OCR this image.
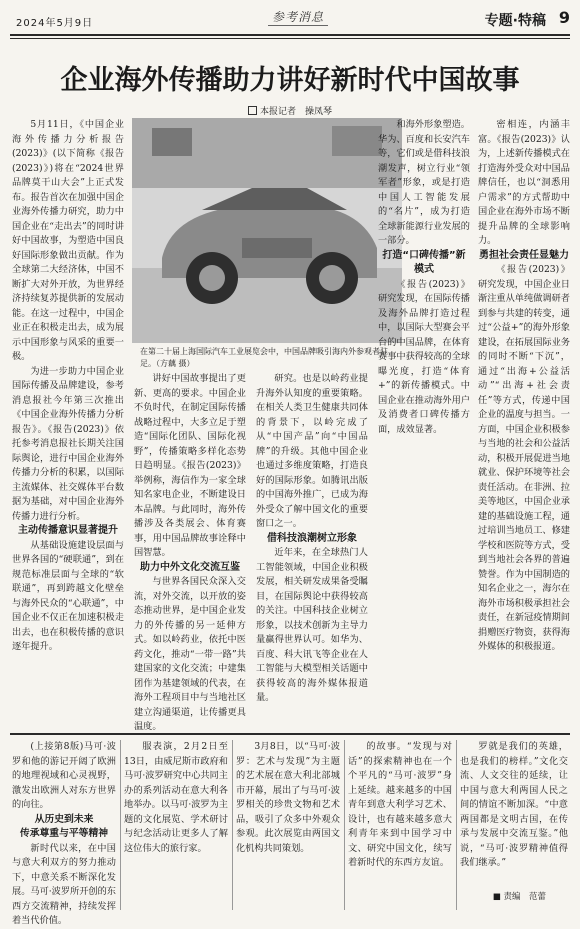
2024年5月9日	参考消息	专题·特稿 9
企业海外传播助力讲好新时代中国故事
本报记者　操凤琴

5月11日，《中国企业海外传播力分析报告(2023)》(以下简称《报告(2023)》)将在“2024世界品牌莫干山大会”上正式发布。报告首次在加强中国企业海外传播力研究，助力中国企业在“走出去”的同时讲好中国故事，为塑造中国良好国际形象做出贡献。作为全球第二大经济体，中国不断扩大对外开放，为世界经济持续复苏提供新的发展动能。在这一过程中，中国企业正在积极走出去，成为展示中国形象与风采的重要一极。

为进一步助力中国企业国际传播及品牌建设，参考消息报社今年第三次推出《中国企业海外传播力分析报告》。《报告(2023)》依托参考消息报社长期关注国际舆论，进行中国企业海外传播力分析的积累，以国际主流媒体、社交媒体平台数据为基础，对中国企业海外传播力进行分析。

主动传播意识显著提升

从基础设施建设层面与世界各国的“硬联通”，到在规范标准层面与全球的“软联通”，再到跨越文化壁垒与海外民众的“心联通”，中国企业不仅正在加速积极走出去，也在积极传播的意识逐年提升。

在第二十届上海国际汽车工业展览会中，中国品牌吸引海内外参观者驻足。（方藕 摄）

讲好中国故事提出了更新、更高的要求。中国企业不负时代，在制定国际传播战略过程中，大多立足于塑造“国际化团队、国际化视野”，传播策略多样化态势日趋明显。《报告(2023)》举例称，海信作为一家全球知名家电企业，不断建设日本品牌。与此同时，海外传播涉及各类展会、体育赛事，用中国品牌故事诠释中国智慧。

助力中外文化交流互鉴

与世界各国民众深入交流，对外交流，以开放的姿态推动世界，是中国企业发力的外传播的另一延伸方式。如以岭药业，依托中医药文化，推动“一带一路”共建国家的文化交流；中建集团作为基建领域的代表，在海外工程项目中与当地社区建立沟通渠道，让传播更具温度。

研究。也是以岭药业提升海外认知度的重要策略。在相关人类卫生健康共同体的背景下，以岭完成了从“中国产品”向“中国品牌”的升级。其他中国企业也通过多维度策略，打造良好的国际形象。如腾讯出版的中国海外推广，已成为海外受众了解中国文化的重要窗口之一。

借科技浪潮树立形象

近年来，在全球热门人工智能领域，中国企业积极发展，相关研发成果备受瞩目，在国际舆论中获得较高的关注。中国科技企业树立形象，以技术创新为主导力量赢得世界认可。如华为、百度、科大讯飞等企业在人工智能与大模型相关话题中获得较高的海外媒体报道量。

和海外形象塑造。华为、百度和长安汽车等，它们或是借科技浪潮发声，树立行业“领军者”形象，或是打造中国人工智能发展的“名片”，成为打造全球新能源行业发展的一部分。

打造“口碑传播”新模式

《报告(2023)》研究发现，在国际传播及海外品牌打造过程中，以国际大型赛会平台的中国品牌，在体育赛事中获得较高的全球曝光度，打造“体育+”的新传播模式。中国企业在推动海外用户及消费者口碑传播方面，成效显著。

密相连，内涵丰富。《报告(2023)》认为，上述新传播模式在打造海外受众对中国品牌信任，也以“洞悉用户需求”的方式帮助中国企业在海外市场不断提升品牌的全球影响力。

勇担社会责任显魅力

《报告(2023)》研究发现，中国企业日渐注重从单纯做调研者到参与共建的转变，通过“公益+”的海外形象建设，在拓展国际业务的同时不断“下沉”，通过“出海+公益活动”“出海+社会责任”等方式，传递中国企业的温度与担当。一方面，中国企业积极参与当地的社会和公益活动，积极开展促进当地就业、保护环境等社会责任活动。在非洲、拉美等地区，中国企业承建的基础设施工程，通过培训当地员工、修建学校和医院等方式，受到当地社会各界的普遍赞誉。作为中国制造的知名企业之一，海尔在海外市场积极承担社会责任，在新冠疫情期间捐赠医疗物资，获得海外媒体的积极报道。

(上接第8版)马可·波罗和他的游记开阔了欧洲的地理视域和心灵视野，激发出欧洲人对东方世界的向往。

从历史到未来
传承尊重与平等精神

新时代以来，在中国与意大利双方的努力推动下，中意关系不断深化发展。马可·波罗所开创的东西方交流精神，持续发挥着当代价值。

服表演，2月2日至13日，由威尼斯市政府和马可·波罗研究中心共同主办的系列活动在意大利各地举办。以马可·波罗为主题的文化展览、学术研讨与纪念活动让更多人了解这位伟大的旅行家。

3月8日，以“马可·波罗：艺术与发现”为主题的艺术展在意大利北部城市开幕，展出了与马可·波罗相关的珍贵文物和艺术品，吸引了众多中外观众参观。此次展览由两国文化机构共同策划。

的故事。“发现与对话”的探索精神也在一个个平凡的“马可·波罗”身上延续。越来越多的中国青年到意大利学习艺术、设计，也有越来越多意大利青年来到中国学习中文、研究中国文化，续写着新时代的东西方友谊。

罗就是我们的英雄，也是我们的榜样。”文化交流、人文交往的延续，让中国与意大利两国人民之间的情谊不断加深。“中意两国都是文明古国，在传承与发展中交流互鉴。”他说，“马可·波罗精神值得我们继承。”

■ 责编　范蕾
